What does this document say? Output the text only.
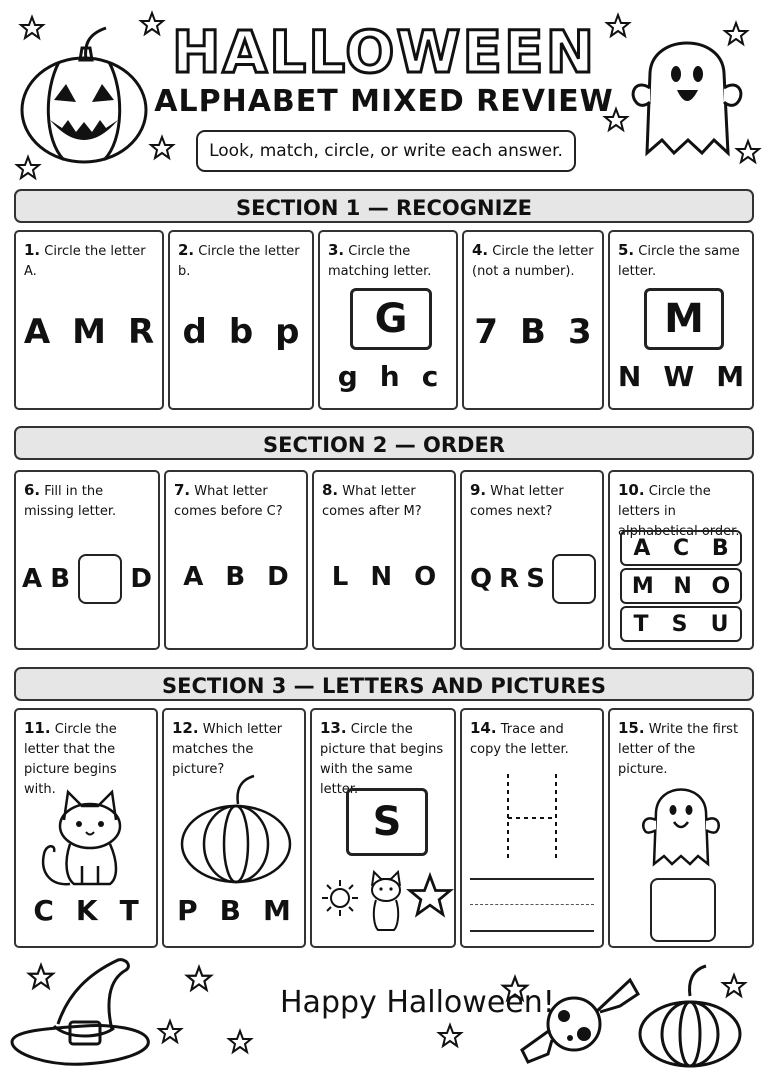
HALLOWEEN
ALPHABET MIXED REVIEW
Look, match, circle, or write each answer.
SECTION 1 — RECOGNIZE
1. Circle the letter A.
A M R
2. Circle the letter b.
d b p
3. Circle the matching letter.
G
g h c
4. Circle the letter (not a number).
7 B 3
5. Circle the same letter.
M
N W M
SECTION 2 — ORDER
6. Fill in the missing letter.
A B D
7. What letter comes before C?
A B D
8. What letter comes after M?
L N O
9. What letter comes next?
Q R S
10. Circle the letters in alphabetical order.
A C B
M N O
T S U
SECTION 3 — LETTERS AND PICTURES
11. Circle the letter that the picture begins with.
C K T
12. Which letter matches the picture?
P B M
13. Circle the picture that begins with the same letter.
S
14. Trace and copy the letter.
15. Write the first letter of the picture.
Happy Halloween!
